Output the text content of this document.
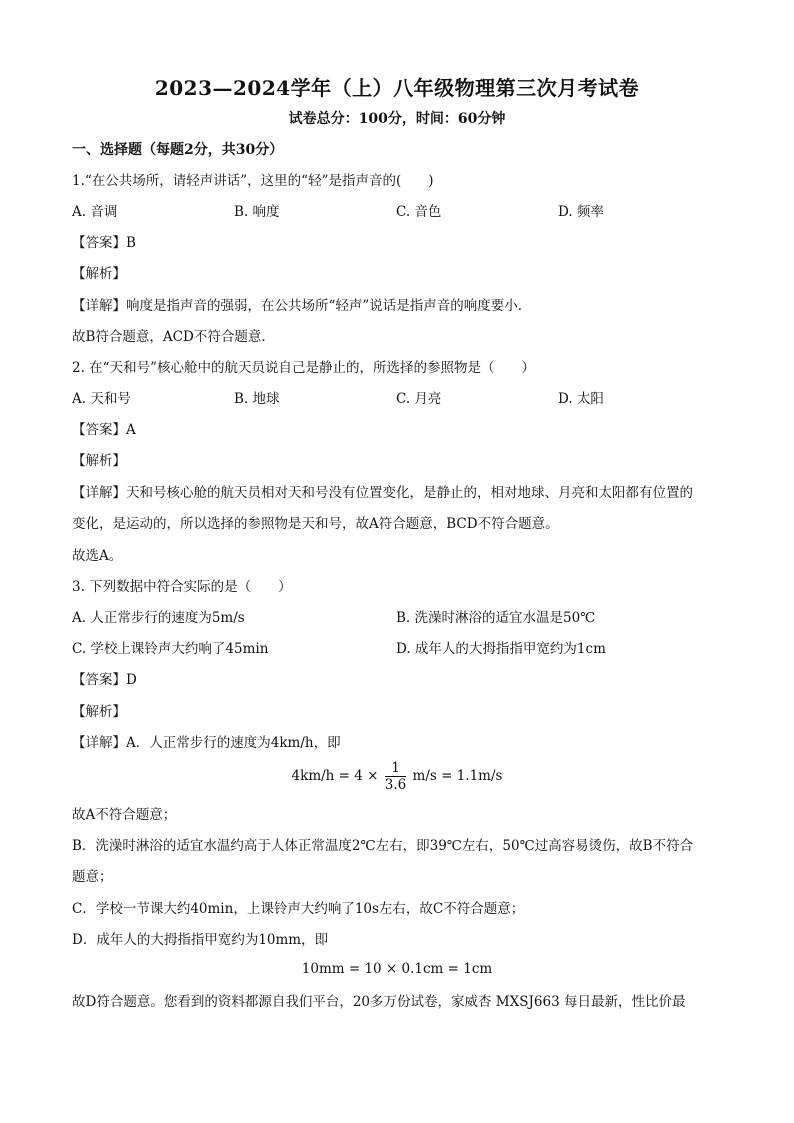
2023—2024学年（上）八年级物理第三次月考试卷
试卷总分：100分，时间：60分钟
一、选择题（每题2分，共30分）
1.“在公共场所，请轻声讲话”，这里的“轻”是指声音的(　　)
A. 音调	B. 响度	C. 音色	D. 频率
【答案】B
【解析】
【详解】响度是指声音的强弱，在公共场所“轻声”说话是指声音的响度要小．
故B符合题意，ACD不符合题意．
2. 在“天和号”核心舱中的航天员说自己是静止的，所选择的参照物是（　　）
A. 天和号	B. 地球	C. 月亮	D. 太阳
【答案】A
【解析】
【详解】天和号核心舱的航天员相对天和号没有位置变化，是静止的，相对地球、月亮和太阳都有位置的
变化，是运动的，所以选择的参照物是天和号，故A符合题意，BCD不符合题意。
故选A。
3. 下列数据中符合实际的是（　　）
A. 人正常步行的速度为5m/s	B. 洗澡时淋浴的适宜水温是50℃
C. 学校上课铃声大约响了45min	D. 成年人的大拇指指甲宽约为1cm
【答案】D
【解析】
【详解】A．人正常步行的速度为4km/h，即
$4km/h = 4 \times \frac{1}{3.6} m/s = 1.1m/s$
故A不符合题意；
B．洗澡时淋浴的适宜水温约高于人体正常温度2℃左右，即39℃左右，50℃过高容易烫伤，故B不符合
题意；
C．学校一节课大约40min，上课铃声大约响了10s左右，故C不符合题意；
D．成年人的大拇指指甲宽约为10mm，即
10mm = 10 × 0.1cm = 1cm
故D符合题意。您看到的资料都源自我们平台，20多万份试卷，家威杏 MXSJ663 每日最新，性比价最
